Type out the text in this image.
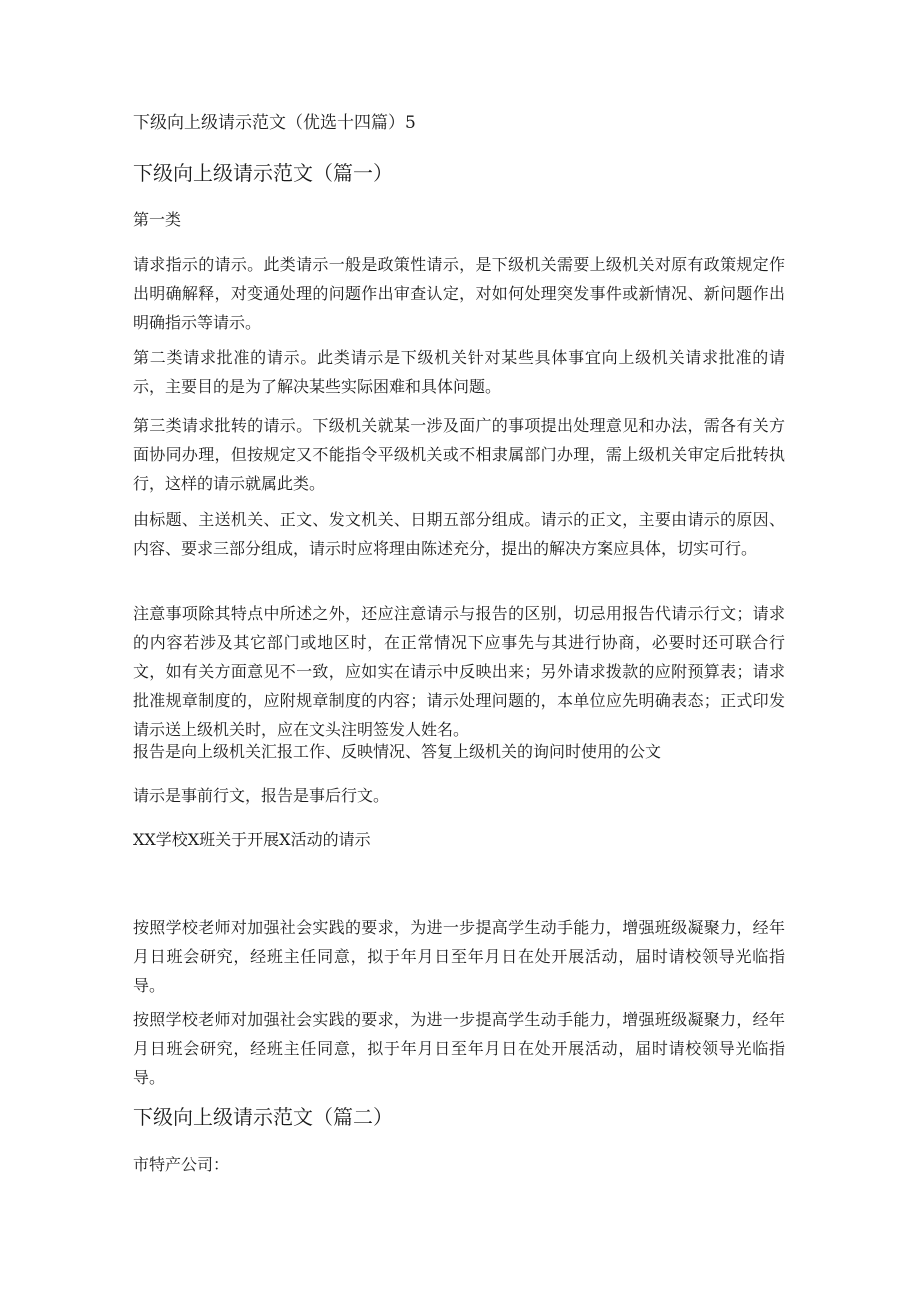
下级向上级请示范文（优选十四篇）5
下级向上级请示范文（篇一）
第一类
请求指示的请示。此类请示一般是政策性请示，是下级机关需要上级机关对原有政策规定作出明确解释，对变通处理的问题作出审查认定，对如何处理突发事件或新情况、新问题作出明确指示等请示。
第二类请求批准的请示。此类请示是下级机关针对某些具体事宜向上级机关请求批准的请示，主要目的是为了解决某些实际困难和具体问题。
第三类请求批转的请示。下级机关就某一涉及面广的事项提出处理意见和办法，需各有关方面协同办理，但按规定又不能指令平级机关或不相隶属部门办理，需上级机关审定后批转执行，这样的请示就属此类。
由标题、主送机关、正文、发文机关、日期五部分组成。请示的正文，主要由请示的原因、内容、要求三部分组成，请示时应将理由陈述充分，提出的解决方案应具体，切实可行。
注意事项除其特点中所述之外，还应注意请示与报告的区别，切忌用报告代请示行文；请求的内容若涉及其它部门或地区时，在正常情况下应事先与其进行协商，必要时还可联合行文，如有关方面意见不一致，应如实在请示中反映出来；另外请求拨款的应附预算表；请求批准规章制度的，应附规章制度的内容；请示处理问题的，本单位应先明确表态；正式印发请示送上级机关时，应在文头注明签发人姓名。
报告是向上级机关汇报工作、反映情况、答复上级机关的询问时使用的公文
请示是事前行文，报告是事后行文。
XX学校X班关于开展X活动的请示
按照学校老师对加强社会实践的要求，为进一步提高学生动手能力，增强班级凝聚力，经年月日班会研究，经班主任同意，拟于年月日至年月日在处开展活动，届时请校领导光临指导。
按照学校老师对加强社会实践的要求，为进一步提高学生动手能力，增强班级凝聚力，经年月日班会研究，经班主任同意，拟于年月日至年月日在处开展活动，届时请校领导光临指导。
下级向上级请示范文（篇二）
市特产公司：
